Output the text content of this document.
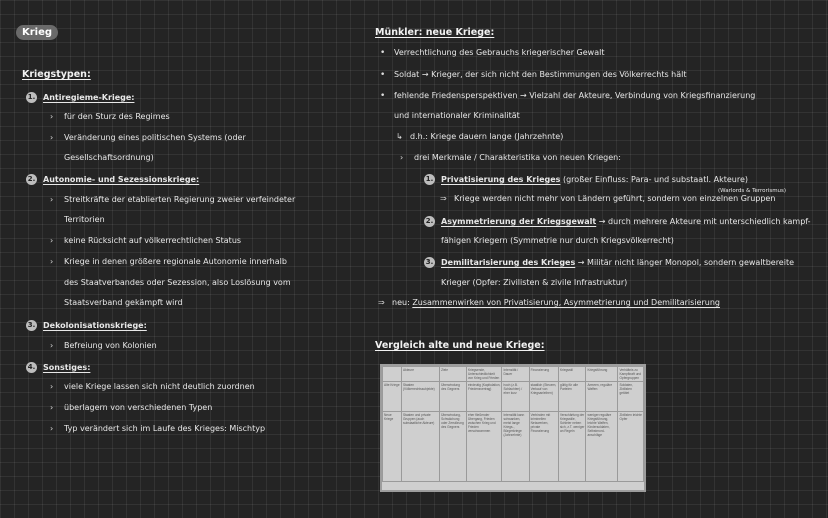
Krieg
Kriegstypen:
1. Antiregieme-Kriege:
› für den Sturz des Regimes
› Veränderung eines politischen Systems (oder
Gesellschaftsordnung)
2. Autonomie- und Sezessionskriege:
› Streitkräfte der etablierten Regierung zweier verfeindeter
Territorien
› keine Rücksicht auf völkerrechtlichen Status
› Kriege in denen größere regionale Autonomie innerhalb
des Staatverbandes oder Sezession, also Loslösung vom
Staatsverband gekämpft wird
3. Dekolonisationskriege:
› Befreiung von Kolonien
4. Sonstiges:
› viele Kriege lassen sich nicht deutlich zuordnen
› überlagern von verschiedenen Typen
› Typ verändert sich im Laufe des Krieges: Mischtyp
Münkler: neue Kriege:
• Verrechtlichung des Gebrauchs kriegerischer Gewalt
• Soldat → Krieger, der sich nicht den Bestimmungen des Völkerrechts hält
• fehlende Friedensperspektiven → Vielzahl der Akteure, Verbindung von Kriegsfinanzierung
und internationaler Kriminalität
↳ d.h.: Kriege dauern lange (Jahrzehnte)
› drei Merkmale / Charakteristika von neuen Kriegen:
1. Privatisierung des Krieges (großer Einfluss: Para- und substaatl. Akteure)
(Warlords & Terrorismus)
⇒ Kriege werden nicht mehr von Ländern geführt, sondern von einzelnen Gruppen
2. Asymmetrierung der Kriegsgewalt → durch mehrere Akteure mit unterschiedlich kampf-
fähigen Kriegern (Symmetrie nur durch Kriegsvölkerrecht)
3. Demilitarisierung des Krieges → Militär nicht länger Monopol, sondern gewaltbereite
Krieger (Opfer: Zivilisten & zivile Infrastruktur)
⇒ neu: Zusammenwirken von Privatisierung, Asymmetrierung und Demilitarisierung
Vergleich alte und neue Kriege:
	Akteure	Ziele	Kriegsende, Unterschiedlichkeit von Krieg und Frieden	Intensität / Dauer	Finanzierung	Kriegsstil	Kriegsführung	Verhältnis zu Kampfkraft und Opfergruppen
Alte Kriege	Staaten (Völkerrechtssubjekte)	Überwindung des Gegners	eindeutig (Kapitulation, Friedensvertrag)	hoch (z.B. Schlachten) / eher kurz	staatlich (Steuern, Verkauf von Kriegsanleihen)	gültig für alle Parteien	Armeen, reguläre Waffen	Soldaten, Zivilisten getötet
Neue Kriege	Staaten und private Gruppen (auch substaatliche Akteure)	Überwindung, Schwächung oder Zerstörung des Gegners	eher fließender Übergang, Frieden zwischen Krieg und Frieden verschwommen	Intensität kann schwanken, meist lange Kriegs-, Bürgerkriege (Jahrzehnte)	Verbinden mit kriminellen Netzwerken, private Finanzierung	Verschärfung der Kriegsstile, Schleier neben sich, z.T. weniger an Regeln	weniger reguläre Kriegsführung, leichte Waffen, Kindersoldaten, Selbstmord-anschläge	Zivilisten leichte Opfer
